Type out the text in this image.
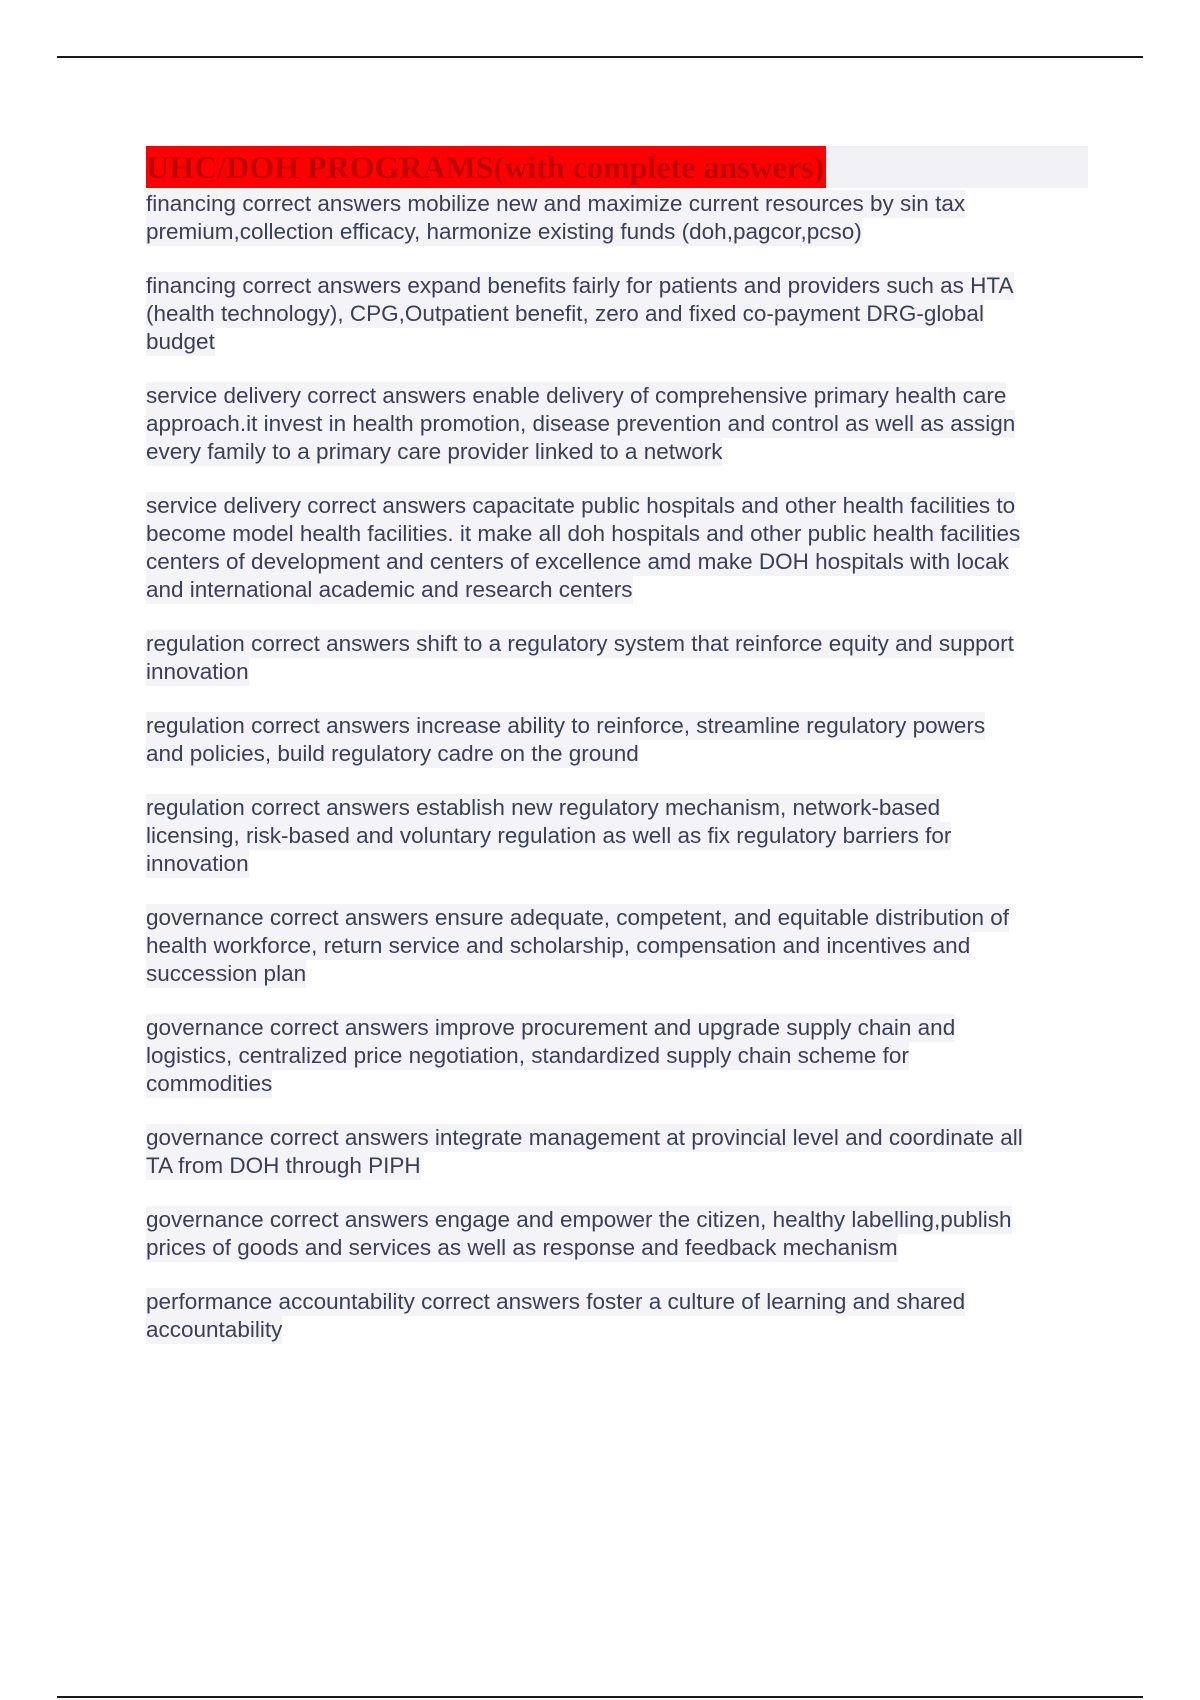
UHC/DOH PROGRAMS(with complete answers)
financing correct answers mobilize new and maximize current resources by sin tax
premium,collection efficacy, harmonize existing funds (doh,pagcor,pcso)
financing correct answers expand benefits fairly for patients and providers such as HTA
(health technology), CPG,Outpatient benefit, zero and fixed co-payment DRG-global
budget
service delivery correct answers enable delivery of comprehensive primary health care
approach.it invest in health promotion, disease prevention and control as well as assign
every family to a primary care provider linked to a network
service delivery correct answers capacitate public hospitals and other health facilities to
become model health facilities. it make all doh hospitals and other public health facilities
centers of development and centers of excellence amd make DOH hospitals with locak
and international academic and research centers
regulation correct answers shift to a regulatory system that reinforce equity and support
innovation
regulation correct answers increase ability to reinforce, streamline regulatory powers
and policies, build regulatory cadre on the ground
regulation correct answers establish new regulatory mechanism, network-based
licensing, risk-based and voluntary regulation as well as fix regulatory barriers for
innovation
governance correct answers ensure adequate, competent, and equitable distribution of
health workforce, return service and scholarship, compensation and incentives and
succession plan
governance correct answers improve procurement and upgrade supply chain and
logistics, centralized price negotiation, standardized supply chain scheme for
commodities
governance correct answers integrate management at provincial level and coordinate all
TA from DOH through PIPH
governance correct answers engage and empower the citizen, healthy labelling,publish
prices of goods and services as well as response and feedback mechanism
performance accountability correct answers foster a culture of learning and shared
accountability
